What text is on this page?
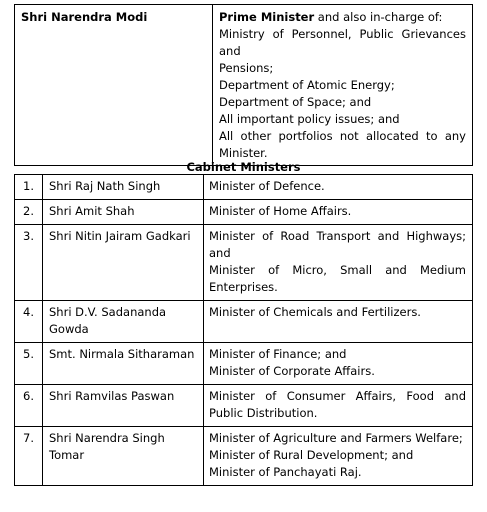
Shri Narendra Modi	Prime Minister and also in-charge of:
Ministry of Personnel, Public Grievances and
Pensions;
Department of Atomic Energy;
Department of Space; and
All important policy issues; and
All other portfolios not allocated to any
Minister.
Cabinet Ministers
1.	Shri Raj Nath Singh	Minister of Defence.

2.	Shri Amit Shah	Minister of Home Affairs.

3.	Shri Nitin Jairam Gadkari	Minister of Road Transport and Highways;
and
Minister of Micro, Small and Medium
Enterprises.

4.	Shri D.V. Sadananda
Gowda	Minister of Chemicals and Fertilizers.

5.	Smt. Nirmala Sitharaman	Minister of Finance; and
Minister of Corporate Affairs.

6.	Shri Ramvilas Paswan	Minister of Consumer Affairs, Food and
Public Distribution.

7.	Shri Narendra Singh Tomar	Minister of Agriculture and Farmers Welfare;
Minister of Rural Development; and
Minister of Panchayati Raj.
